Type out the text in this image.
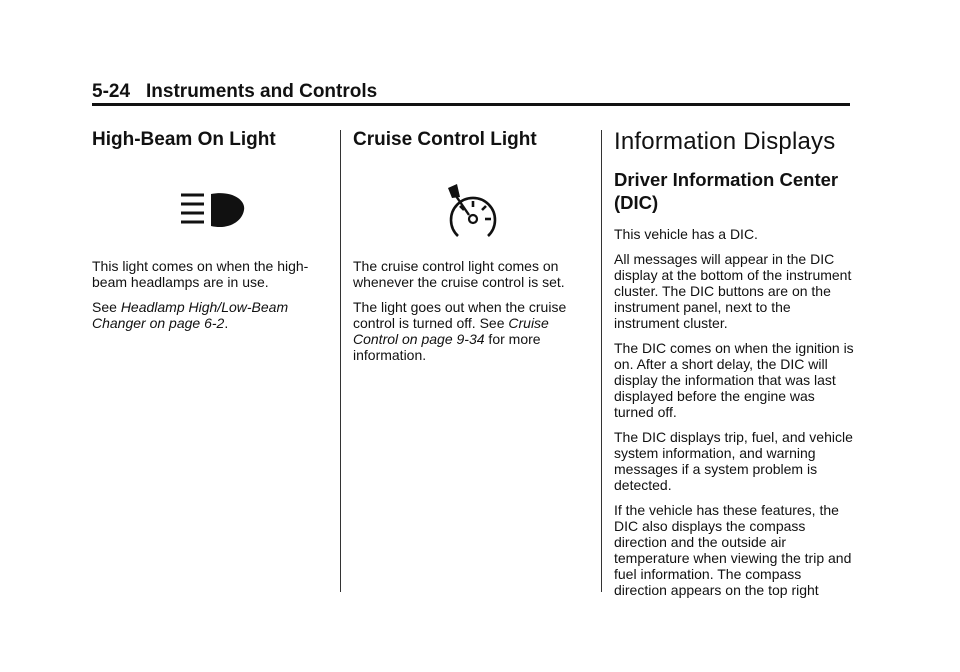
5-24 Instruments and Controls
High-Beam On Light

This light comes on when the high-beam headlamps are in use.

See Headlamp High/Low-Beam Changer on page 6-2.

Cruise Control Light

The cruise control light comes on whenever the cruise control is set.

The light goes out when the cruise control is turned off. See Cruise Control on page 9-34 for more information.

Information Displays
Driver Information Center (DIC)

This vehicle has a DIC.

All messages will appear in the DIC display at the bottom of the instrument cluster. The DIC buttons are on the instrument panel, next to the instrument cluster.

The DIC comes on when the ignition is on. After a short delay, the DIC will display the information that was last displayed before the engine was turned off.

The DIC displays trip, fuel, and vehicle system information, and warning messages if a system problem is detected.

If the vehicle has these features, the DIC also displays the compass direction and the outside air temperature when viewing the trip and fuel information. The compass direction appears on the top right
